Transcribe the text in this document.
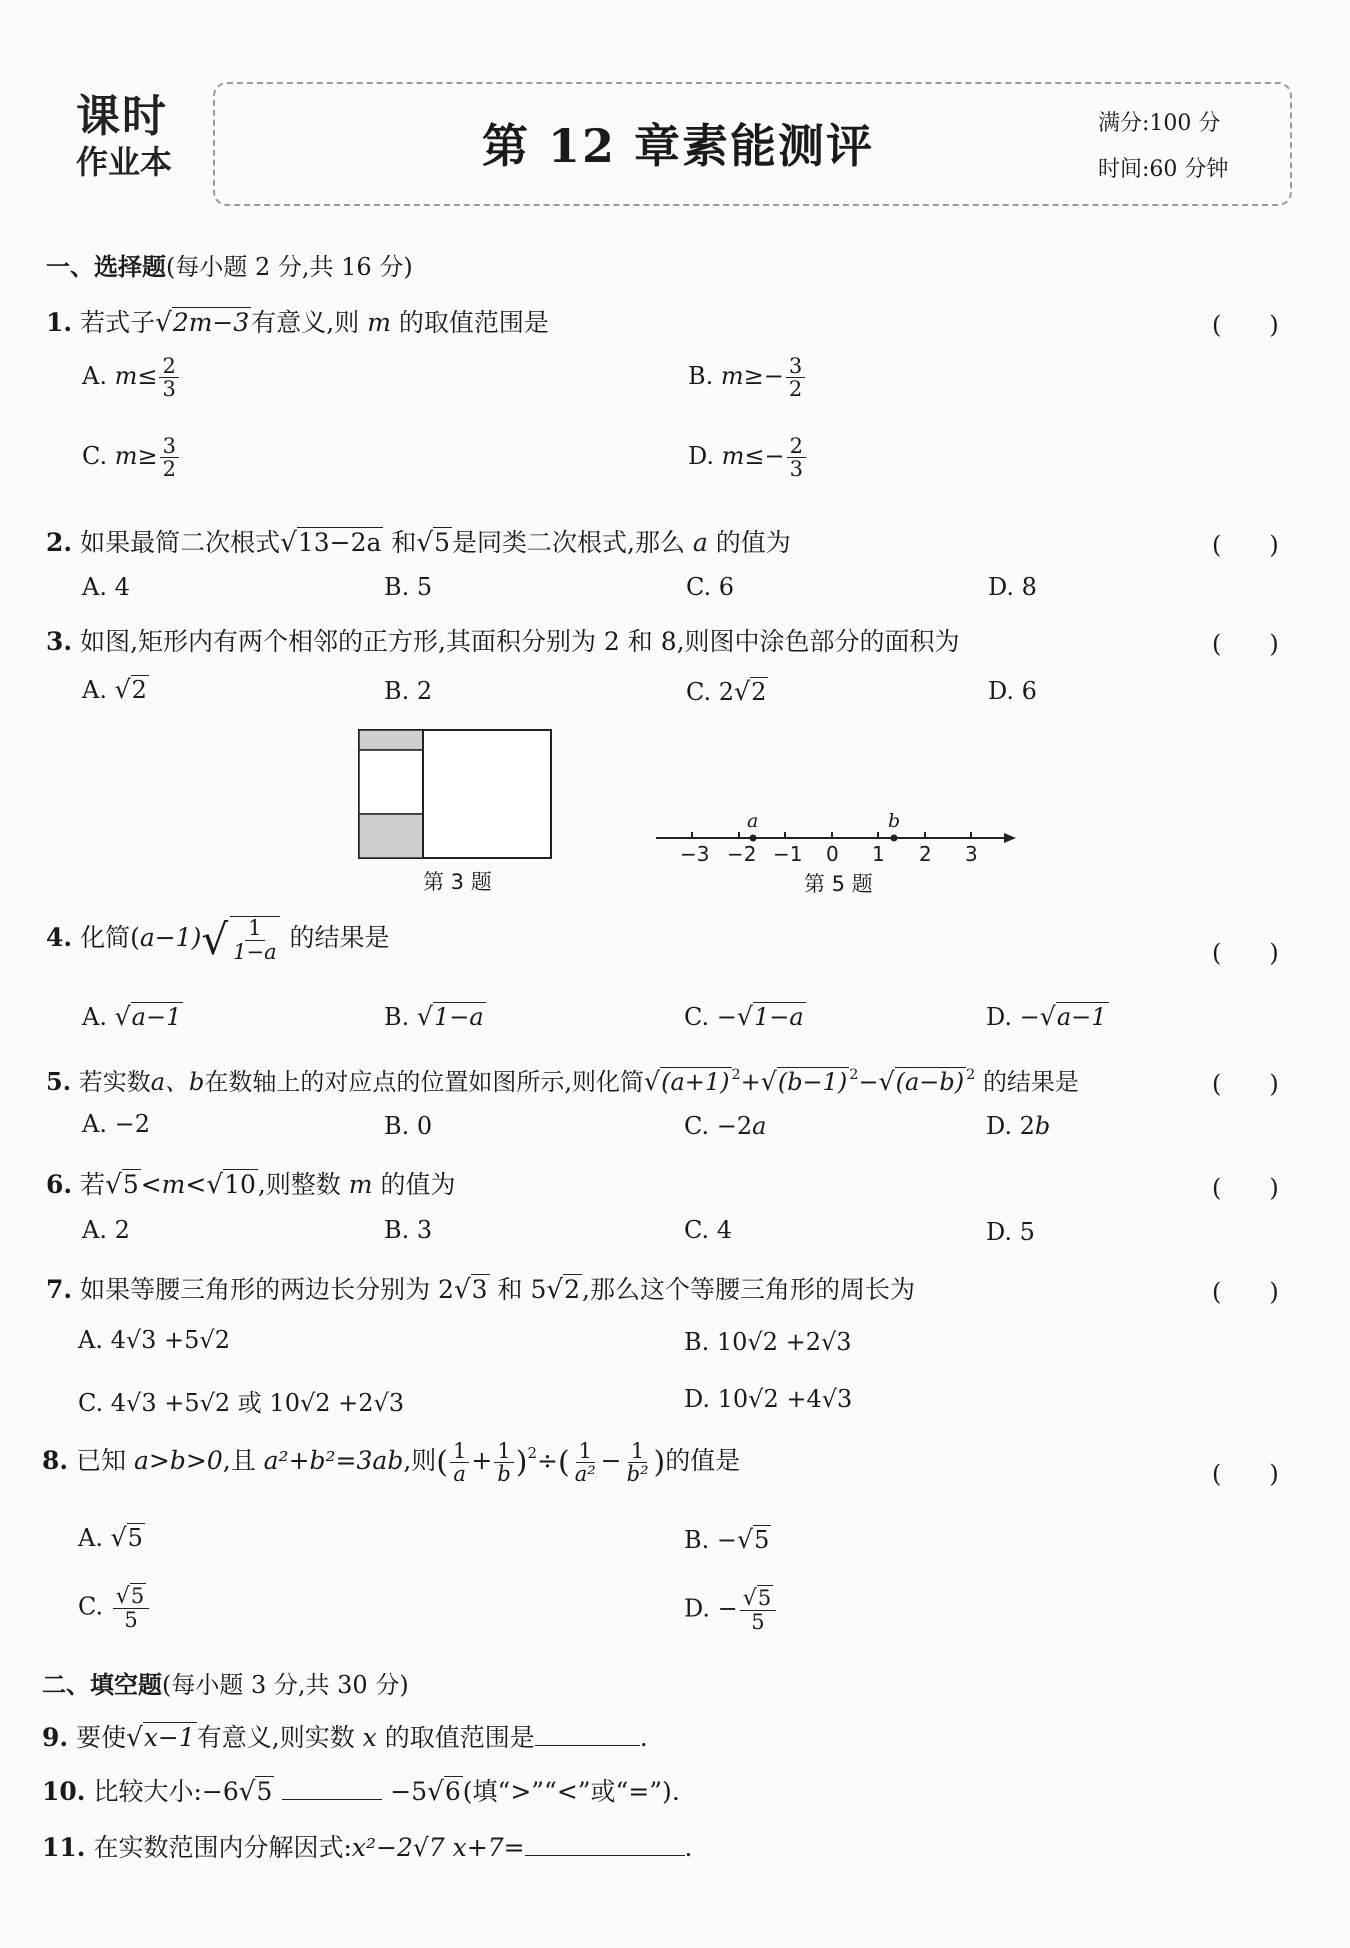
课时
作业本	第 12 章素能测评	满分:100 分
时间:60 分钟
一、选择题(每小题 2 分,共 16 分)
1. 若式子√2m−3有意义,则 m 的取值范围是	(　　)
A. $m\le \frac{2}{3}$	B. $m\ge- \frac{3}{2}$
C. $m\ge \frac{3}{2}$	D. $m\le- \frac{2}{3}$
2. 如果最简二次根式√13−2a 和√5是同类二次根式,那么 a 的值为	(　　)
A. 4	B. 5	C. 6	D. 8
3. 如图,矩形内有两个相邻的正方形,其面积分别为 2 和 8,则图中涂色部分的面积为	(　　)
A. √2	B. 2	C. 2√2	D. 6
第 3 题
a	b
−3 −2 −1 0 1 2 3
第 5 题
4. 化简$(a-1)√ \frac{1}{1-a}$ 的结果是
(　　)
A. √a−1	B. √1−a	C. −√1−a	D. −√a−1
5. 若实数a、b在数轴上的对应点的位置如图所示,则化简√(a+1) $^2$+√(b−1) $^2$−√(a−b) $^2$ 的结果是	(　　)
A. −2	B. 0	C. −2a	D. 2b
6. 若√5<m<√10,则整数 m 的值为	(　　)
A. 2	B. 3	C. 4	D. 5
7. 如果等腰三角形的两边长分别为 2√3 和 5√2,那么这个等腰三角形的周长为	(　　)
A. 4√3 +5√2	B. 10√2 +2√3
C. 4√3 +5√2 或 10√2 +2√3	D. 10√2 +4√3
8. 已知 a>b>0,且 a²+b²=3ab,则( $\frac{1}{a} + \frac{1}{b} )^2\div( \frac{1}{\text{a²}} - \frac{1}{\text{b²}}$ )的值是	(　　)
A. √5	B. −√5
C. $\frac{√5}{5}$	D. − $\frac{√5}{5}$
二、填空题(每小题 3 分,共 30 分)
9. 要使√x−1有意义,则实数 x 的取值范围是	.
10. 比较大小:−6√5	−5√6(填“>”“<”或“=”).
11. 在实数范围内分解因式:x²−2√7 x+7=	.
